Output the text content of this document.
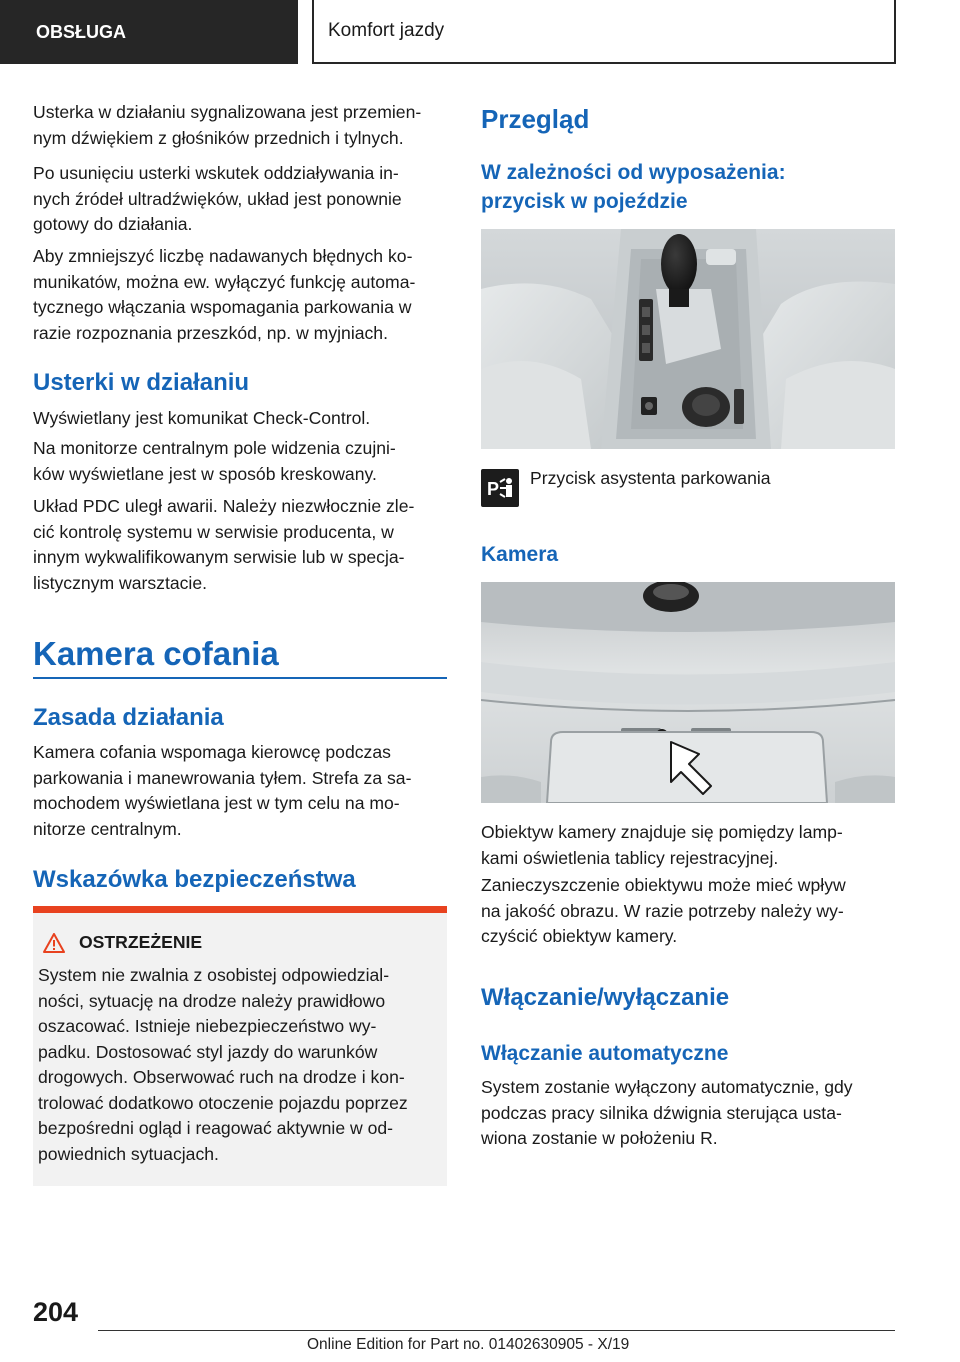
OBSŁUGA	Komfort jazdy

Usterka w działaniu sygnalizowana jest przemien-

nym dźwiękiem z głośników przednich i tylnych.

Po usunięciu usterki wskutek oddziaływania in-

nych źródeł ultradźwięków, układ jest ponownie

gotowy do działania.

Aby zmniejszyć liczbę nadawanych błędnych ko-

munikatów, można ew. wyłączyć funkcję automa-

tycznego włączania wspomagania parkowania w

razie rozpoznania przeszkód, np. w myjniach.

Usterki w działaniu

Wyświetlany jest komunikat Check-Control.

Na monitorze centralnym pole widzenia czujni-

ków wyświetlane jest w sposób kreskowany.

Układ PDC uległ awarii. Należy niezwłocznie zle-

cić kontrolę systemu w serwisie producenta, w

innym wykwalifikowanym serwisie lub w specja-

listycznym warsztacie.

Kamera cofania
Zasada działania

Kamera cofania wspomaga kierowcę podczas

parkowania i manewrowania tyłem. Strefa za sa-

mochodem wyświetlana jest w tym celu na mo-

nitorze centralnym.

Wskazówka bezpieczeństwa
OSTRZEŻENIE

System nie zwalnia z osobistej odpowiedzial-

ności, sytuację na drodze należy prawidłowo

oszacować. Istnieje niebezpieczeństwo wy-

padku. Dostosować styl jazdy do warunków

drogowych. Obserwować ruch na drodze i kon-

trolować dodatkowo otoczenie pojazdu poprzez

bezpośredni ogląd i reagować aktywnie w od-

powiednich sytuacjach.

Przegląd
W zależności od wyposażenia:
przycisk w pojeździe
P
Przycisk asystenta parkowania
Kamera

Obiektyw kamery znajduje się pomiędzy lamp-

kami oświetlenia tablicy rejestracyjnej.

Zanieczyszczenie obiektywu może mieć wpływ

na jakość obrazu. W razie potrzeby należy wy-

czyścić obiektyw kamery.

Włączanie/wyłączanie
Włączanie automatyczne

System zostanie wyłączony automatycznie, gdy

podczas pracy silnika dźwignia sterująca usta-

wiona zostanie w położeniu R.

204
Online Edition for Part no. 01402630905 - X/19
